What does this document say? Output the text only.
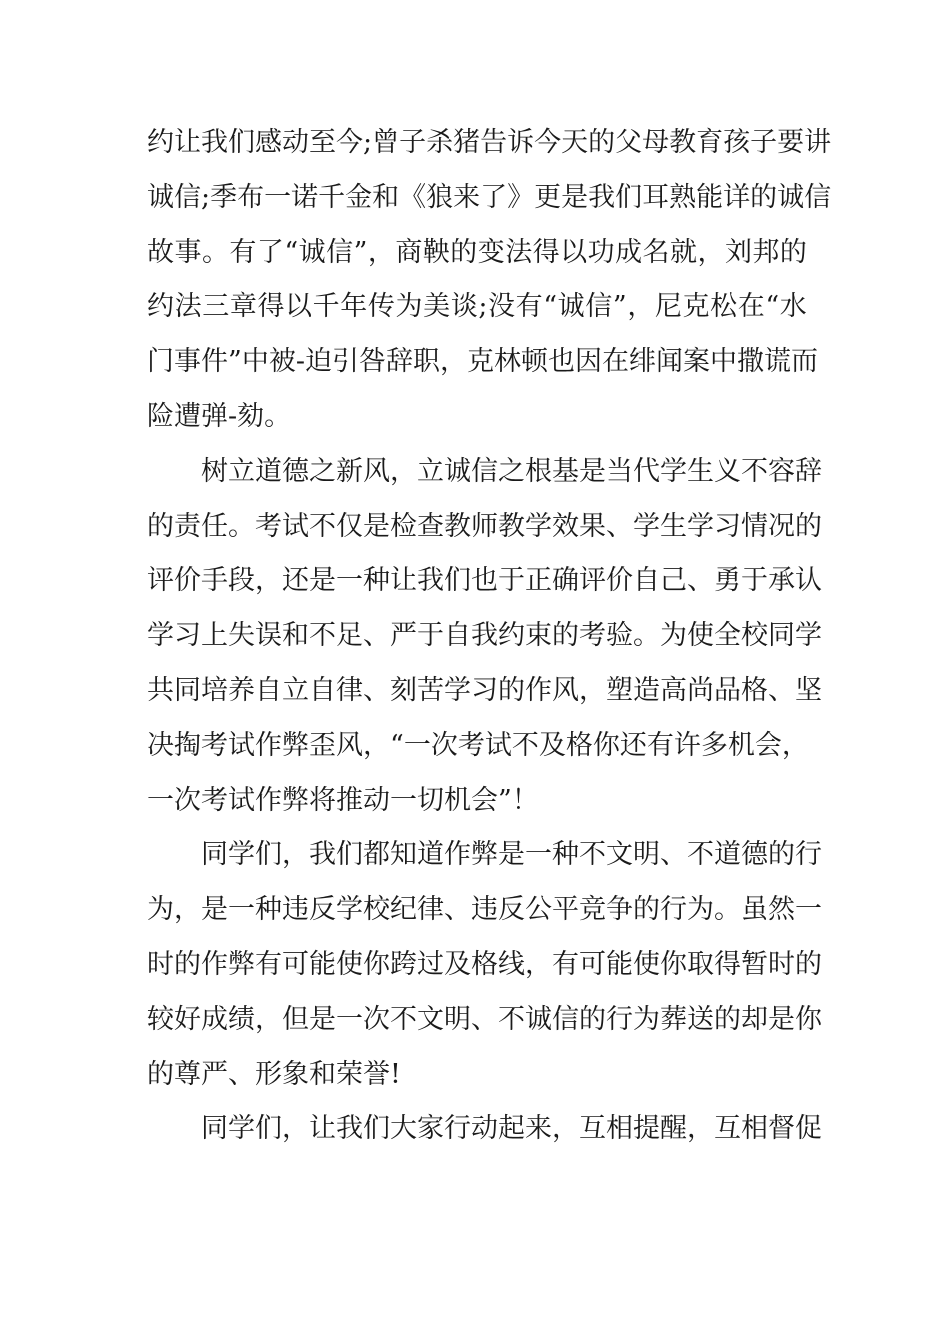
约 让 我 们 感 动 至 今 ; 曾 子 杀 猪 告 诉 今 天 的 父 母 教 育 孩 子 要 讲
诚 信 ; 季 布 一 诺 千 金 和 《 狼 来 了 》 更 是 我 们 耳 熟 能 详 的 诚 信
故 事 。 有 了 “ 诚 信 ” ， 商 鞅 的 变 法 得 以 功 成 名 就 ， 刘 邦 的
约 法 三 章 得 以 千 年 传 为 美 谈 ; 没 有 “ 诚 信 ” ， 尼 克 松 在 “ 水
门 事 件 ” 中 被 - 迫 引 咎 辞 职 ， 克 林 顿 也 因 在 绯 闻 案 中 撒 谎 而
险遭弹-劾。
树 立 道 德 之 新 风 ， 立 诚 信 之 根 基 是 当 代 学 生 义 不 容 辞
的 责 任 。 考 试 不 仅 是 检 查 教 师 教 学 效 果 、 学 生 学 习 情 况 的
评 价 手 段 ， 还 是 一 种 让 我 们 也 于 正 确 评 价 自 己 、 勇 于 承 认
学 习 上 失 误 和 不 足 、 严 于 自 我 约 束 的 考 验 。 为 使 全 校 同 学
共 同 培 养 自 立 自 律 、 刻 苦 学 习 的 作 风 ， 塑 造 高 尚 品 格 、 坚
决 掏 考 试 作 弊 歪 风 ， “ 一 次 考 试 不 及 格 你 还 有 许 多 机 会 ，
一次考试作弊将推动一切机会”！
同 学 们 ， 我 们 都 知 道 作 弊 是 一 种 不 文 明 、 不 道 德 的 行
为 ， 是 一 种 违 反 学 校 纪 律 、 违 反 公 平 竞 争 的 行 为 。 虽 然 一
时 的 作 弊 有 可 能 使 你 跨 过 及 格 线 ， 有 可 能 使 你 取 得 暂 时 的
较 好 成 绩 ， 但 是 一 次 不 文 明 、 不 诚 信 的 行 为 葬 送 的 却 是 你
的尊严、形象和荣誉!
同 学 们 ， 让 我 们 大 家 行 动 起 来 ， 互 相 提 醒 ， 互 相 督 促
